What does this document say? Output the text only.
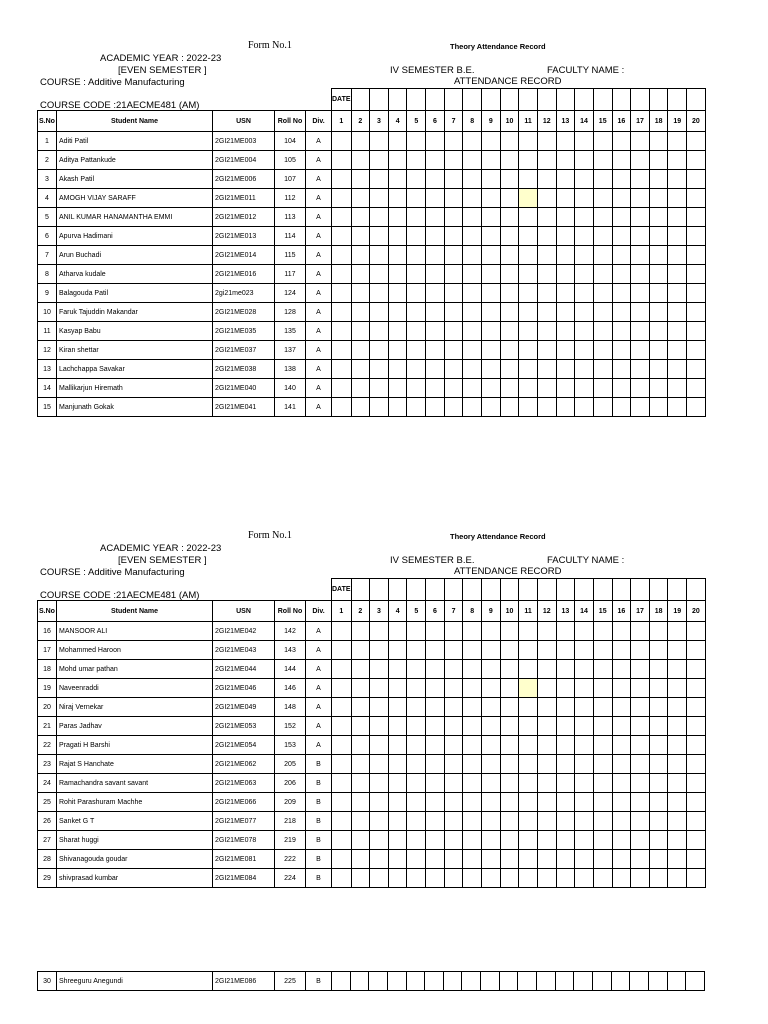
Form No.1	Theory Attendance Record
ACADEMIC YEAR : 2022-23
[EVEN SEMESTER ]	IV SEMESTER B.E.	FACULTY NAME :
COURSE : Additive Manufacturing	ATTENDANCE RECORD
COURSE CODE :21AECME481 (AM)
					DATE																			
S.No	Student Name	USN	Roll No	Div.	1	2	3	4	5	6	7	8	9	10	11	12	13	14	15	16	17	18	19	20
1	Aditi Patil	2GI21ME003	104	A																				
2	Aditya Pattankude	2GI21ME004	105	A																				
3	Akash Patil	2GI21ME006	107	A																				
4	AMOGH VIJAY SARAFF	2GI21ME011	112	A																				
5	ANIL KUMAR HANAMANTHA EMMI	2GI21ME012	113	A																				
6	Apurva Hadimani	2GI21ME013	114	A																				
7	Arun Buchadi	2GI21ME014	115	A																				
8	Atharva kudale	2GI21ME016	117	A																				
9	Balagouda Patil	2gi21me023	124	A																				
10	Faruk Tajuddin Makandar	2GI21ME028	128	A																				
11	Kasyap Babu	2GI21ME035	135	A																				
12	Kiran shettar	2GI21ME037	137	A																				
13	Lachchappa Savakar	2GI21ME038	138	A																				
14	Mallikarjun Hiremath	2GI21ME040	140	A																				
15	Manjunath Gokak	2GI21ME041	141	A																				
Form No.1	Theory Attendance Record
ACADEMIC YEAR : 2022-23
[EVEN SEMESTER ]	IV SEMESTER B.E.	FACULTY NAME :
COURSE : Additive Manufacturing	ATTENDANCE RECORD
COURSE CODE :21AECME481 (AM)
					DATE																			
S.No	Student Name	USN	Roll No	Div.	1	2	3	4	5	6	7	8	9	10	11	12	13	14	15	16	17	18	19	20
16	MANSOOR ALI	2GI21ME042	142	A																				
17	Mohammed Haroon	2GI21ME043	143	A																				
18	Mohd umar pathan	2GI21ME044	144	A																				
19	Naveenraddi	2GI21ME046	146	A																				
20	Niraj Vernekar	2GI21ME049	148	A																				
21	Paras Jadhav	2GI21ME053	152	A																				
22	Pragati H Barshi	2GI21ME054	153	A																				
23	Rajat S Hanchate	2GI21ME062	205	B																				
24	Ramachandra savant savant	2GI21ME063	206	B																				
25	Rohit Parashuram Machhe	2GI21ME066	209	B																				
26	Sanket G T	2GI21ME077	218	B																				
27	Sharat huggi	2GI21ME078	219	B																				
28	Shivanagouda goudar	2GI21ME081	222	B																				
29	shivprasad kumbar	2GI21ME084	224	B																				
30	Shreeguru Anegundi	2GI21ME086	225	B																				
